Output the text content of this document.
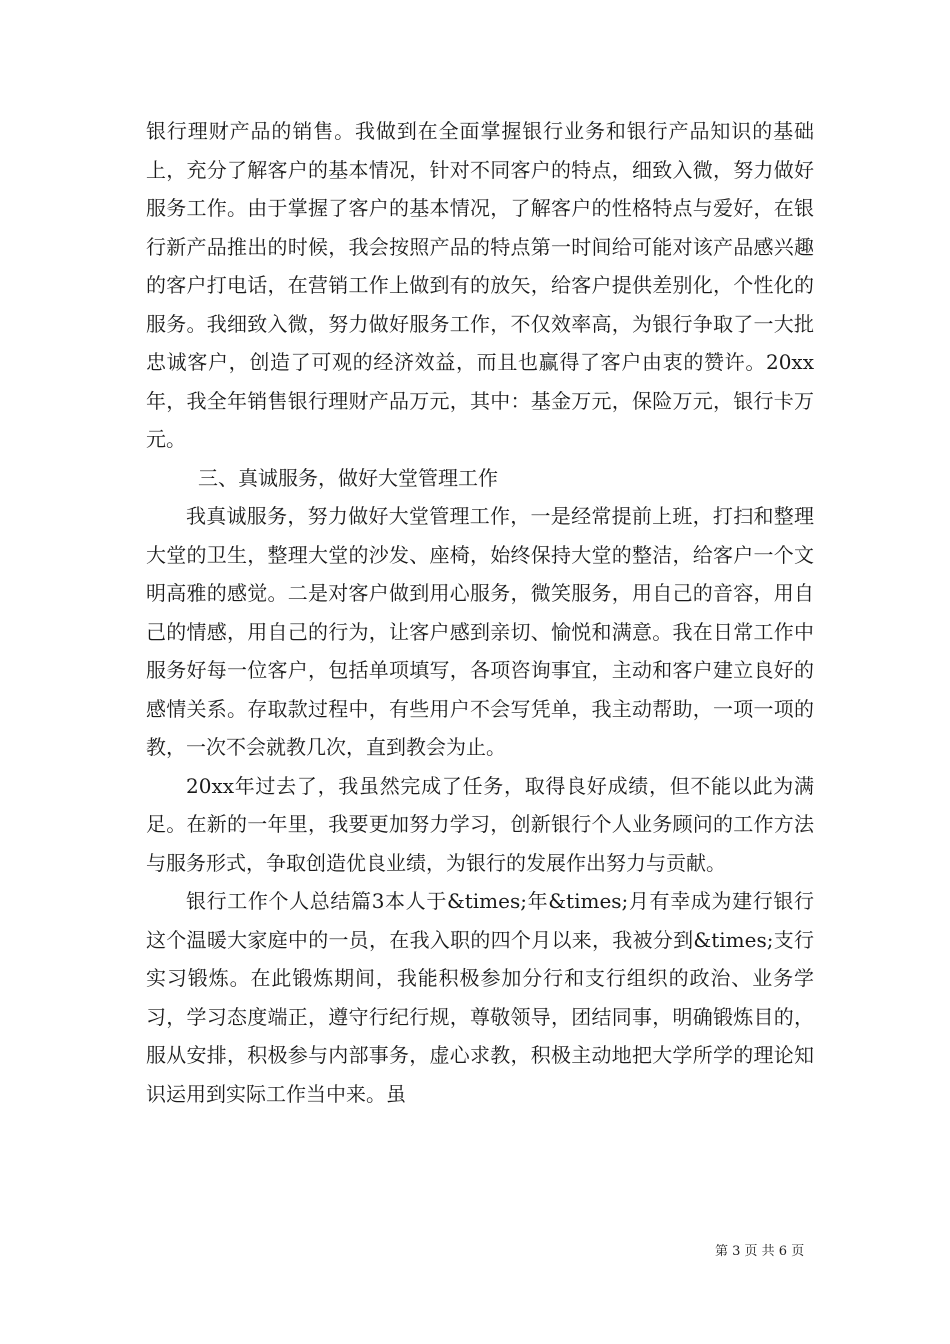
银行理财产品的销售。我做到在全面掌握银行业务和银行产品知识的基础上，充分了解客户的基本情况，针对不同客户的特点，细致入微，努力做好服务工作。由于掌握了客户的基本情况，了解客户的性格特点与爱好，在银行新产品推出的时候，我会按照产品的特点第一时间给可能对该产品感兴趣的客户打电话，在营销工作上做到有的放矢，给客户提供差别化，个性化的服务。我细致入微，努力做好服务工作，不仅效率高，为银行争取了一大批忠诚客户，创造了可观的经济效益，而且也赢得了客户由衷的赞许。20xx年，我全年销售银行理财产品万元，其中：基金万元，保险万元，银行卡万元。

三、真诚服务，做好大堂管理工作

我真诚服务，努力做好大堂管理工作，一是经常提前上班，打扫和整理大堂的卫生，整理大堂的沙发、座椅，始终保持大堂的整洁，给客户一个文明高雅的感觉。二是对客户做到用心服务，微笑服务，用自己的音容，用自己的情感，用自己的行为，让客户感到亲切、愉悦和满意。我在日常工作中服务好每一位客户，包括单项填写，各项咨询事宜，主动和客户建立良好的感情关系。存取款过程中，有些用户不会写凭单，我主动帮助，一项一项的教，一次不会就教几次，直到教会为止。

20xx年过去了，我虽然完成了任务，取得良好成绩，但不能以此为满足。在新的一年里，我要更加努力学习，创新银行个人业务顾问的工作方法与服务形式，争取创造优良业绩，为银行的发展作出努力与贡献。

银行工作个人总结篇3本人于&times;年&times;月有幸成为建行银行这个温暖大家庭中的一员，在我入职的四个月以来，我被分到&times;支行实习锻炼。在此锻炼期间，我能积极参加分行和支行组织的政治、业务学习，学习态度端正，遵守行纪行规，尊敬领导，团结同事，明确锻炼目的，服从安排，积极参与内部事务，虚心求教，积极主动地把大学所学的理论知识运用到实际工作当中来。虽

第 3 页 共 6 页
